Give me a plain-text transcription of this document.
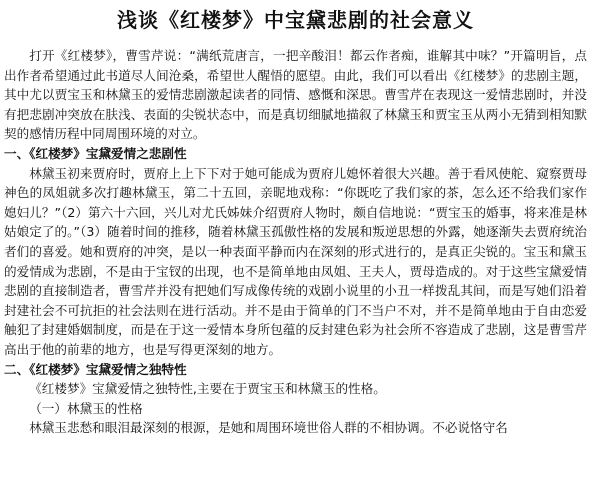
浅谈《红楼梦》中宝黛悲剧的社会意义

打开《红楼梦》，曹雪芹说：“满纸荒唐言，一把辛酸泪！都云作者痴，谁解其中味？”开篇明旨，点出作者希望通过此书道尽人间沧桑，希望世人醒悟的愿望。由此，我们可以看出《红楼梦》的悲剧主题，其中尤以贾宝玉和林黛玉的爱情悲剧激起读者的同情、感慨和深思。曹雪芹在表现这一爱情悲剧时，并没有把悲剧冲突放在肤浅、表面的尖锐状态中，而是真切细腻地描叙了林黛玉和贾宝玉从两小无猜到相知默契的感情历程中同周围环境的对立。

一、《红楼梦》宝黛爱情之悲剧性

林黛玉初来贾府时，贾府上上下下对于她可能成为贾府儿媳怀着很大兴趣。善于看风使舵、窥察贾母神色的凤姐就多次打趣林黛玉，第二十五回，亲昵地戏称：“你既吃了我们家的茶，怎么还不给我们家作媳妇儿？”（2）第六十六回，兴儿对尤氏姊妹介绍贾府人物时，颇自信地说：“贾宝玉的婚事，将来准是林姑娘定了的。”（3）随着时间的推移，随着林黛玉孤傲性格的发展和叛逆思想的外露，她逐渐失去贾府统治者们的喜爱。她和贾府的冲突，是以一种表面平静而内在深刻的形式进行的，是真正尖锐的。宝玉和黛玉的爱情成为悲剧，不是由于宝钗的出现，也不是简单地由凤姐、王夫人，贾母造成的。对于这些宝黛爱情悲剧的直接制造者，曹雪芹并没有把她们写成像传统的戏剧小说里的小丑一样拨乱其间，而是写她们沿着封建社会不可抗拒的社会法则在进行活动。并不是由于简单的门不当户不对，并不是简单地由于自由恋爱触犯了封建婚姻制度，而是在于这一爱情本身所包蕴的反封建色彩为社会所不容造成了悲剧，这是曹雪芹高出于他的前辈的地方，也是写得更深刻的地方。

二、《红楼梦》宝黛爱情之独特性

《红楼梦》宝黛爱情之独特性,主要在于贾宝玉和林黛玉的性格。

（一）林黛玉的性格

林黛玉悲愁和眼泪最深刻的根源，是她和周围环境世俗人群的不相协调。不必说恪守名
